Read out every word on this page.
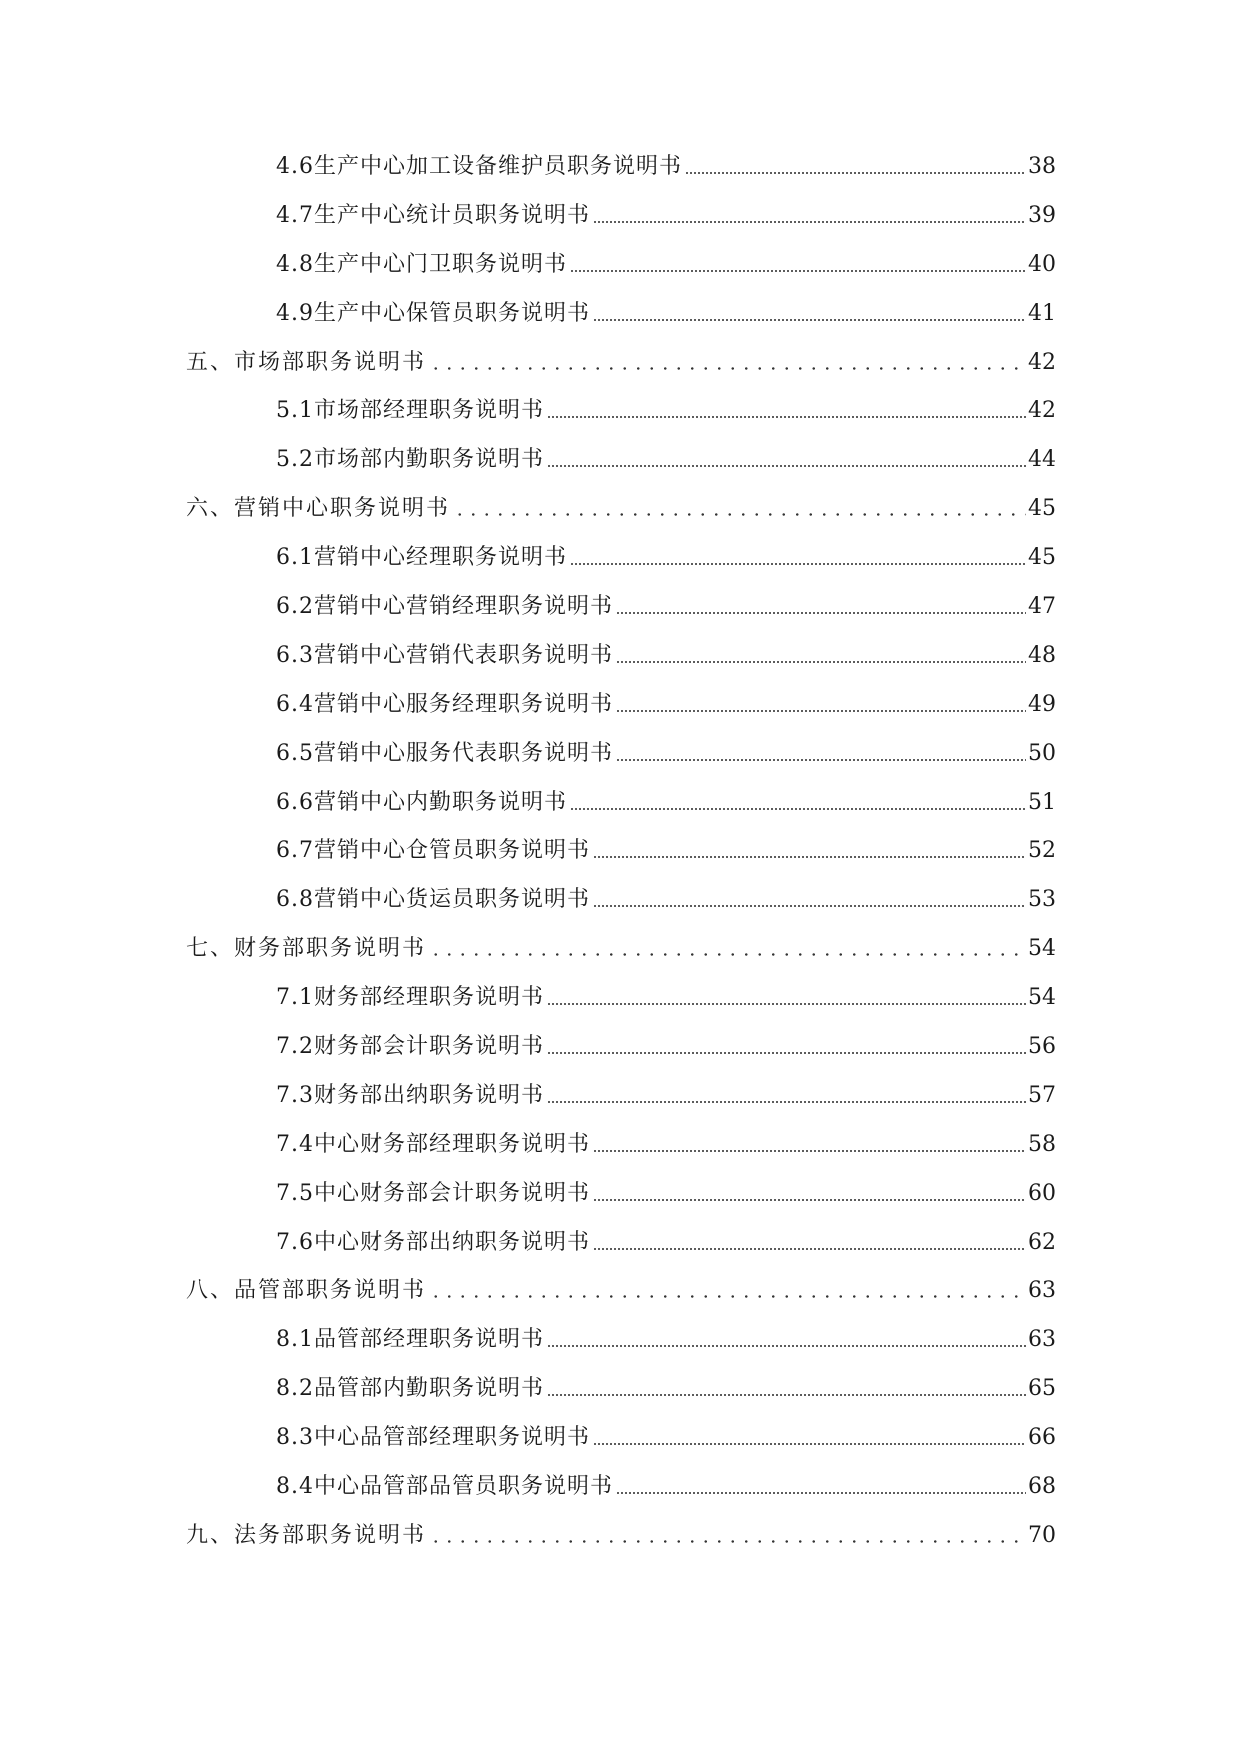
4.6生产中心加工设备维护员职务说明书	38
4.7生产中心统计员职务说明书	39
4.8生产中心门卫职务说明书	40
4.9生产中心保管员职务说明书	41
五、市场部职务说明书	42
5.1市场部经理职务说明书	42
5.2市场部内勤职务说明书	44
六、营销中心职务说明书	45
6.1营销中心经理职务说明书	45
6.2营销中心营销经理职务说明书	47
6.3营销中心营销代表职务说明书	48
6.4营销中心服务经理职务说明书	49
6.5营销中心服务代表职务说明书	50
6.6营销中心内勤职务说明书	51
6.7营销中心仓管员职务说明书	52
6.8营销中心货运员职务说明书	53
七、财务部职务说明书	54
7.1财务部经理职务说明书	54
7.2财务部会计职务说明书	56
7.3财务部出纳职务说明书	57
7.4中心财务部经理职务说明书	58
7.5中心财务部会计职务说明书	60
7.6中心财务部出纳职务说明书	62
八、品管部职务说明书	63
8.1品管部经理职务说明书	63
8.2品管部内勤职务说明书	65
8.3中心品管部经理职务说明书	66
8.4中心品管部品管员职务说明书	68
九、法务部职务说明书	70
